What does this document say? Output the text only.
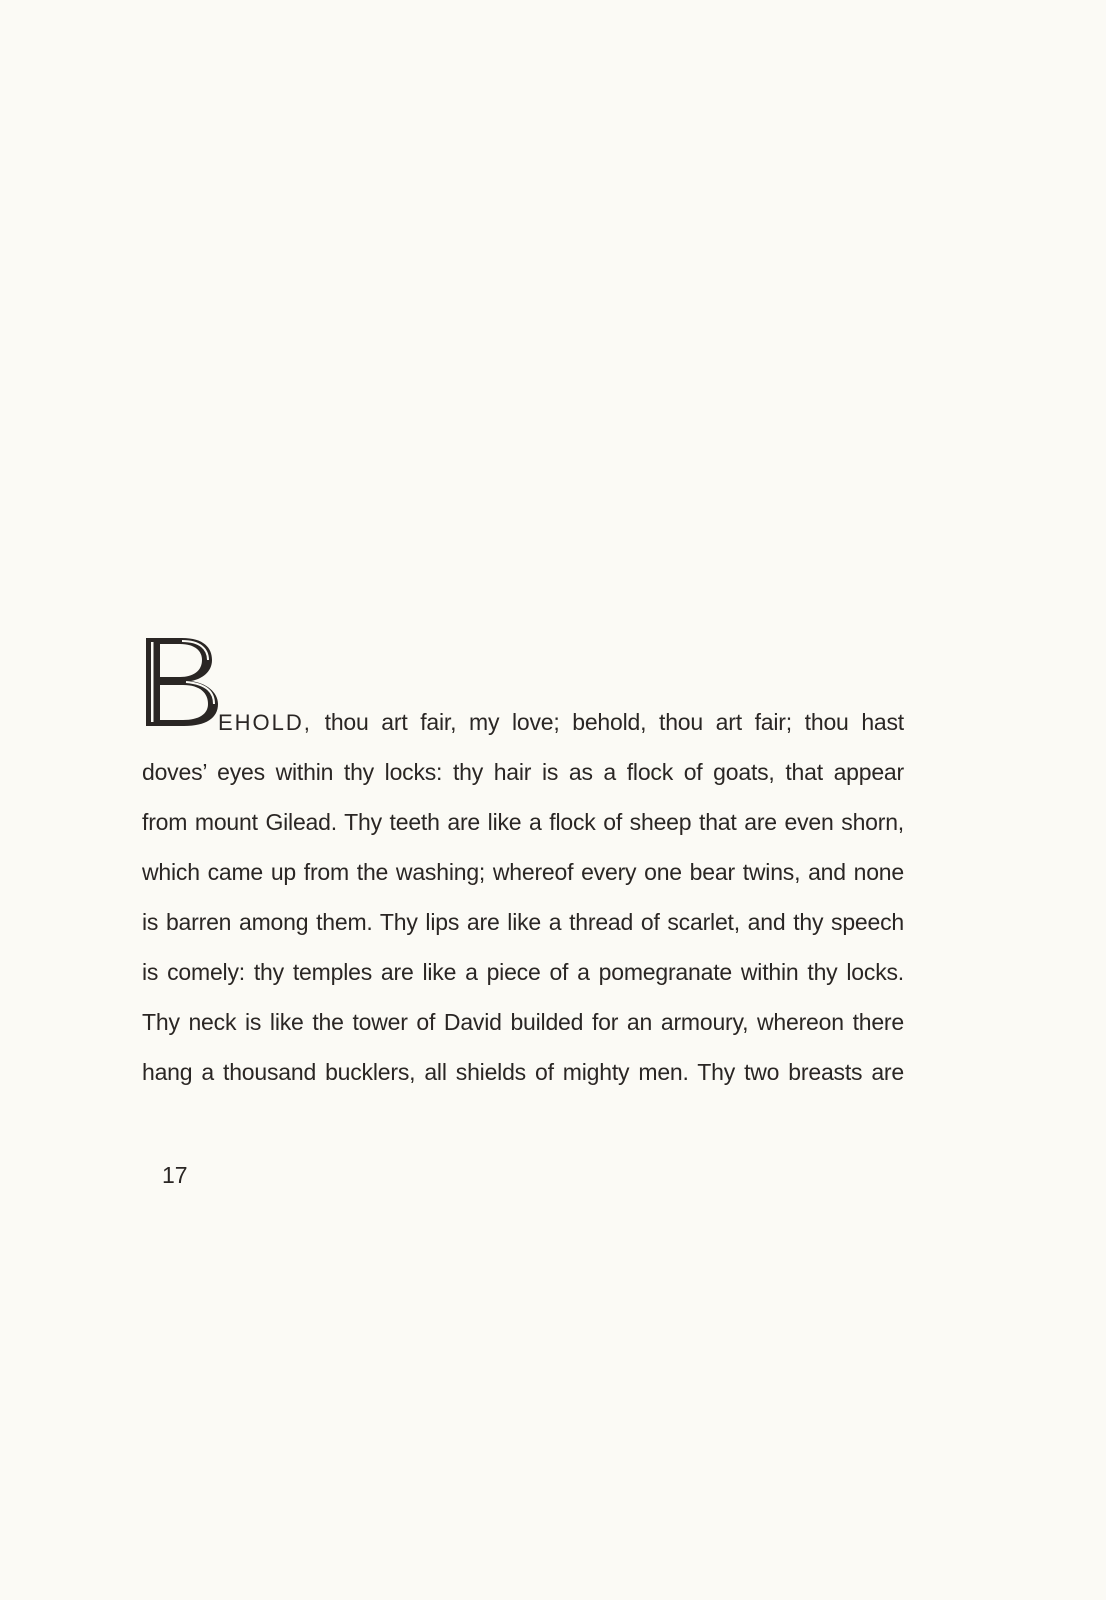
EHOLD, thou art fair, my love; behold, thou art fair; thou hast
doves’ eyes within thy locks: thy hair is as a flock of goats, that appear
from mount Gilead. Thy teeth are like a flock of sheep that are even shorn,
which came up from the washing; whereof every one bear twins, and none
is barren among them. Thy lips are like a thread of scarlet, and thy speech
is comely: thy temples are like a piece of a pomegranate within thy locks.
Thy neck is like the tower of David builded for an armoury, whereon there
hang a thousand bucklers, all shields of mighty men. Thy two breasts are
17
